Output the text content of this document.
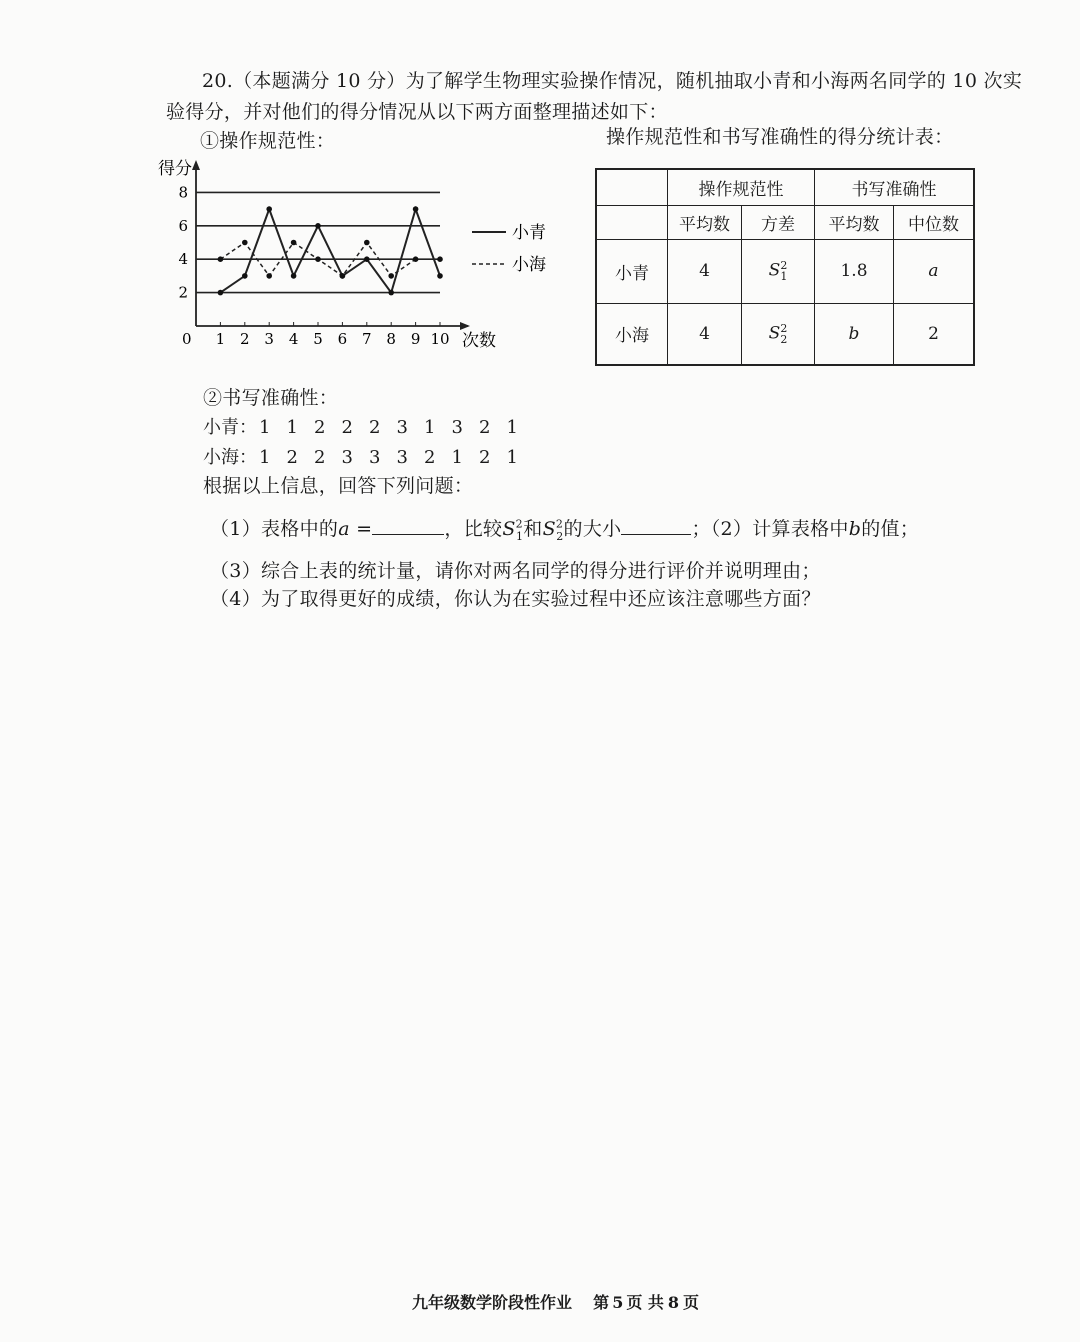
20.（本题满分 10 分）为了解学生物理实验操作情况，随机抽取小青和小海两名同学的 10 次实
验得分，并对他们的得分情况从以下两方面整理描述如下：
①操作规范性：	操作规范性和书写准确性的得分统计表：
得分
次数
0 1 2 3 4 5 6 7 8 9 10
2
4
6
8
小青
小海
	操作规范性		书写准确性	
	平均数	方差	平均数	中位数
小青	4	$S^2_1$	1.8	a
小海	4	$S^2_2$	b	2
②书写准确性：
小青： 1 1 2 2 2 3 1 3 2 1
小海： 1 2 2 3 3 3 2 1 2 1
根据以上信息，回答下列问题：
（1）表格中的a =	，比较$S^2_1$和$S^2_2$的大小	；（2）计算表格中b的值；
（3）综合上表的统计量，请你对两名同学的得分进行评价并说明理由；
（4）为了取得更好的成绩，你认为在实验过程中还应该注意哪些方面？
九年级数学阶段性作业 第 5 页 共 8 页
